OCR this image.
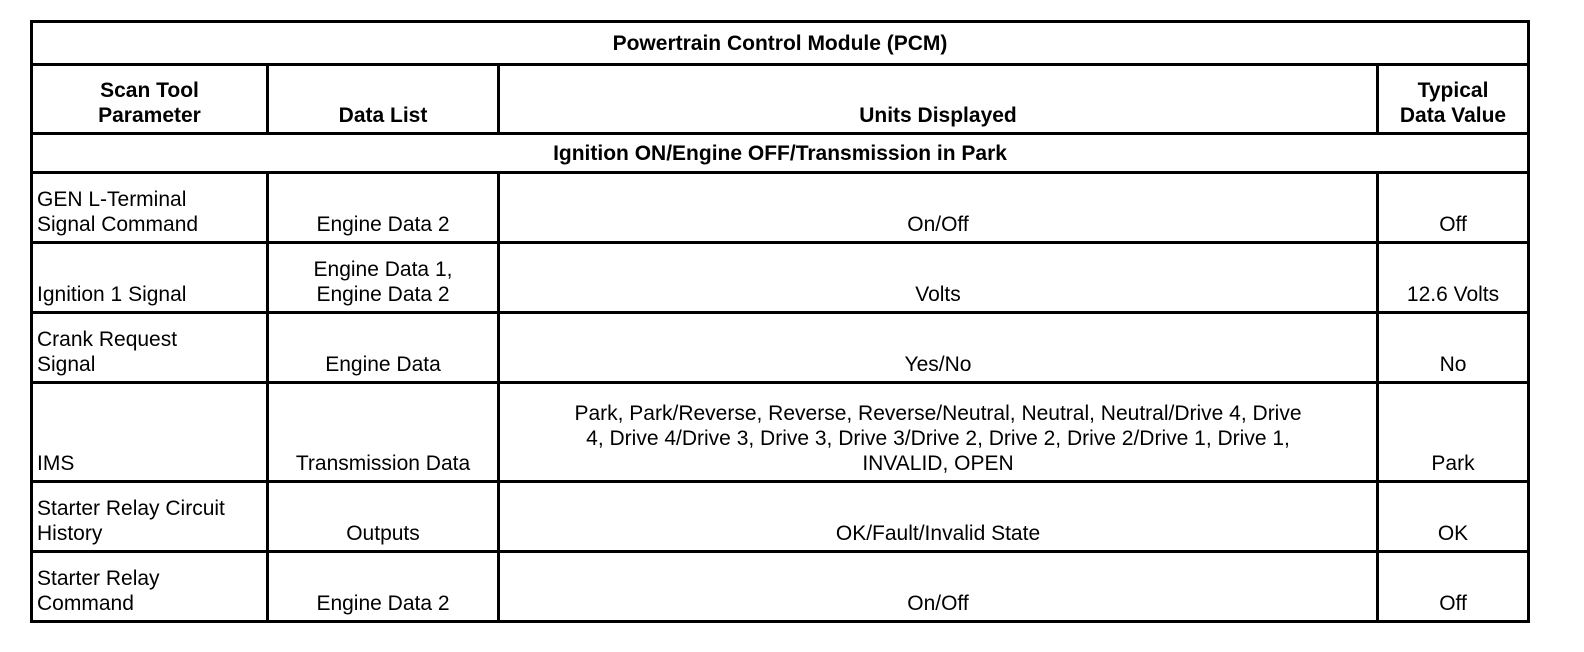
Powertrain Control Module (PCM)			

Scan Tool
Parameter	Data List	Units Displayed	Typical
Data Value

Ignition ON/Engine OFF/Transmission in Park			

GEN L-Terminal
Signal Command	Engine Data 2	On/Off	Off

Ignition 1 Signal	Engine Data 1,
Engine Data 2	Volts	12.6 Volts

Crank Request
Signal	Engine Data	Yes/No	No

IMS	Transmission Data	Park, Park/Reverse, Reverse, Reverse/Neutral, Neutral, Neutral/Drive 4, Drive
4, Drive 4/Drive 3, Drive 3, Drive 3/Drive 2, Drive 2, Drive 2/Drive 1, Drive 1,
INVALID, OPEN	Park

Starter Relay Circuit
History	Outputs	OK/Fault/Invalid State	OK

Starter Relay
Command	Engine Data 2	On/Off	Off
